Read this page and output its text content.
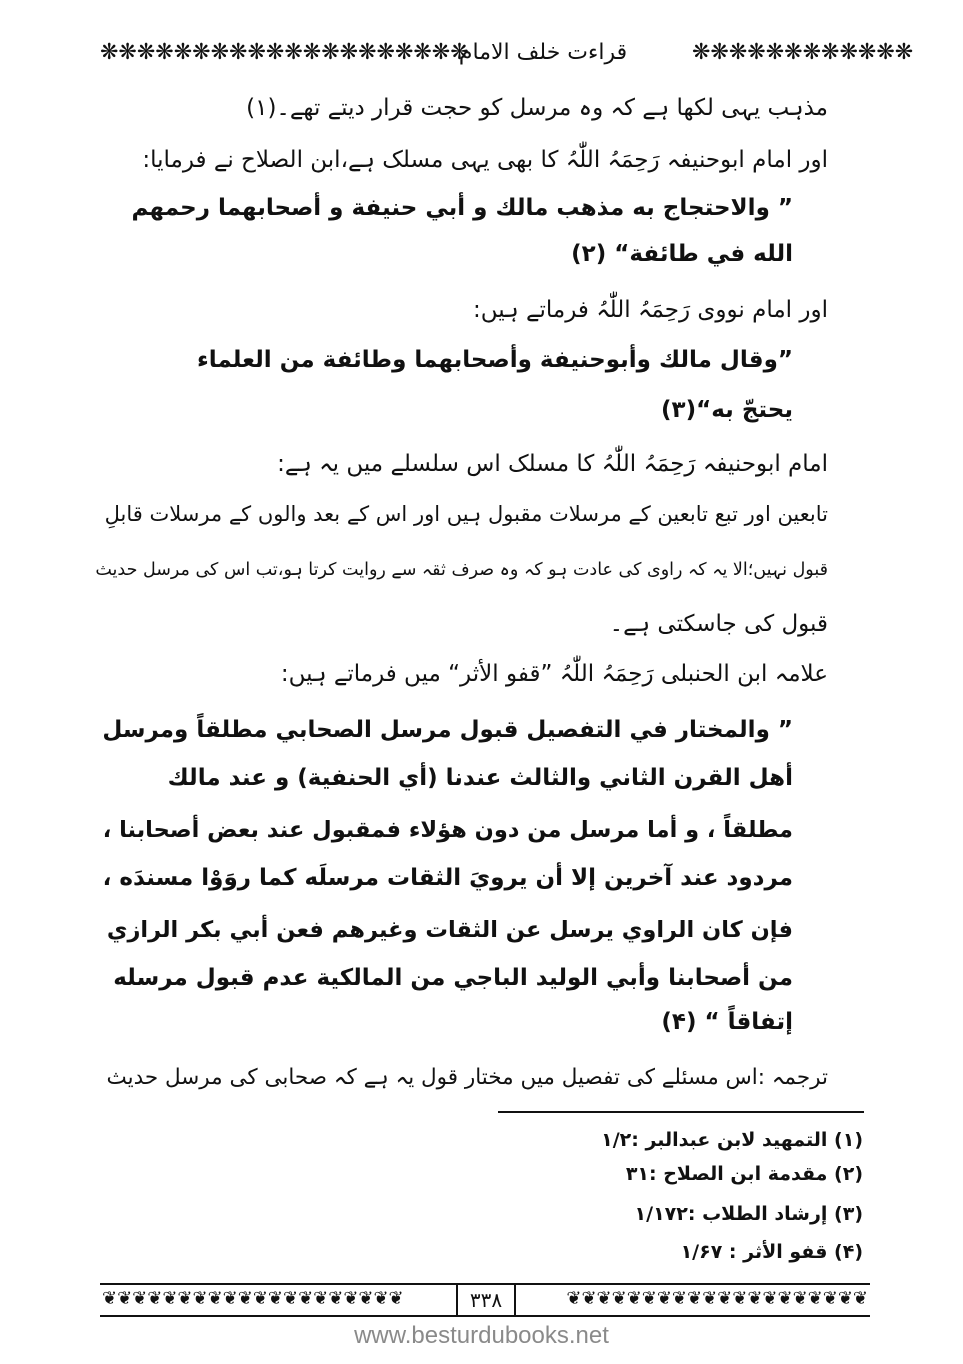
❋❋❋❋❋❋❋❋❋❋❋❋❋❋❋❋❋❋❋❋
قراءت خلف الامام	❋❋❋❋❋❋❋❋❋❋❋❋
مذہب یہی لکھا ہے کہ وہ مرسل کو حجت قرار دیتے تھے۔(۱)
اور امام ابوحنیفہ رَحِمَہُ اللّٰہُ کا بھی یہی مسلک ہے،ابن الصلاح نے فرمایا:
” والاحتجاج به مذهب مالك و أبي حنيفة و أصحابهما رحمهم
الله في طائفة“ (۲)
اور امام نووی رَحِمَہُ اللّٰہُ فرماتے ہیں:
”وقال مالك وأبوحنيفة وأصحابهما وطائفة من العلماء
يحتجّ به“(۳)
امام ابوحنیفہ رَحِمَہُ اللّٰہُ کا مسلک اس سلسلے میں یہ ہے:
تابعین اور تبع تابعین کے مرسلات مقبول ہیں اور اس کے بعد والوں کے مرسلات قابلِ
قبول نہیں؛الا یہ کہ راوی کی عادت ہو کہ وہ صرف ثقہ سے روایت کرتا ہو،تب اس کی مرسل حدیث
قبول کی جاسکتی ہے۔
علامہ ابن الحنبلی رَحِمَہُ اللّٰہُ ”قفو الأثر“ میں فرماتے ہیں:
” والمختار في التفصيل قبول مرسل الصحابي مطلقاً ومرسل
أهل القرن الثاني والثالث عندنا (أي الحنفية) و عند مالك
مطلقاً ، و أما مرسل من دون هؤلاء فمقبول عند بعض أصحابنا ،
مردود عند آخرين إلا أن يرويَ الثقات مرسلَه كما روَوْا مسندَه ،
فإن كان الراوي يرسل عن الثقات وغيرهم فعن أبي بكر الرازي
من أصحابنا وأبي الوليد الباجي من المالكية عدم قبول مرسله
إتفاقاً “ (۴)
ترجمہ :اس مسئلے کی تفصیل میں مختار قول یہ ہے کہ صحابی کی مرسل حدیث
(۱) التمهيد لابن عبدالبر :۱/۲
(۲) مقدمة ابن الصلاح :۳۱
(۳) إرشاد الطلاب :۱/۱۷۲
(۴) قفو الأثر : ۱/۶۷
❦❦❦❦❦❦❦❦❦❦❦❦❦❦❦❦❦❦❦❦	۳۳۸	❦❦❦❦❦❦❦❦❦❦❦❦❦❦❦❦❦❦❦❦
www.besturdubooks.net
